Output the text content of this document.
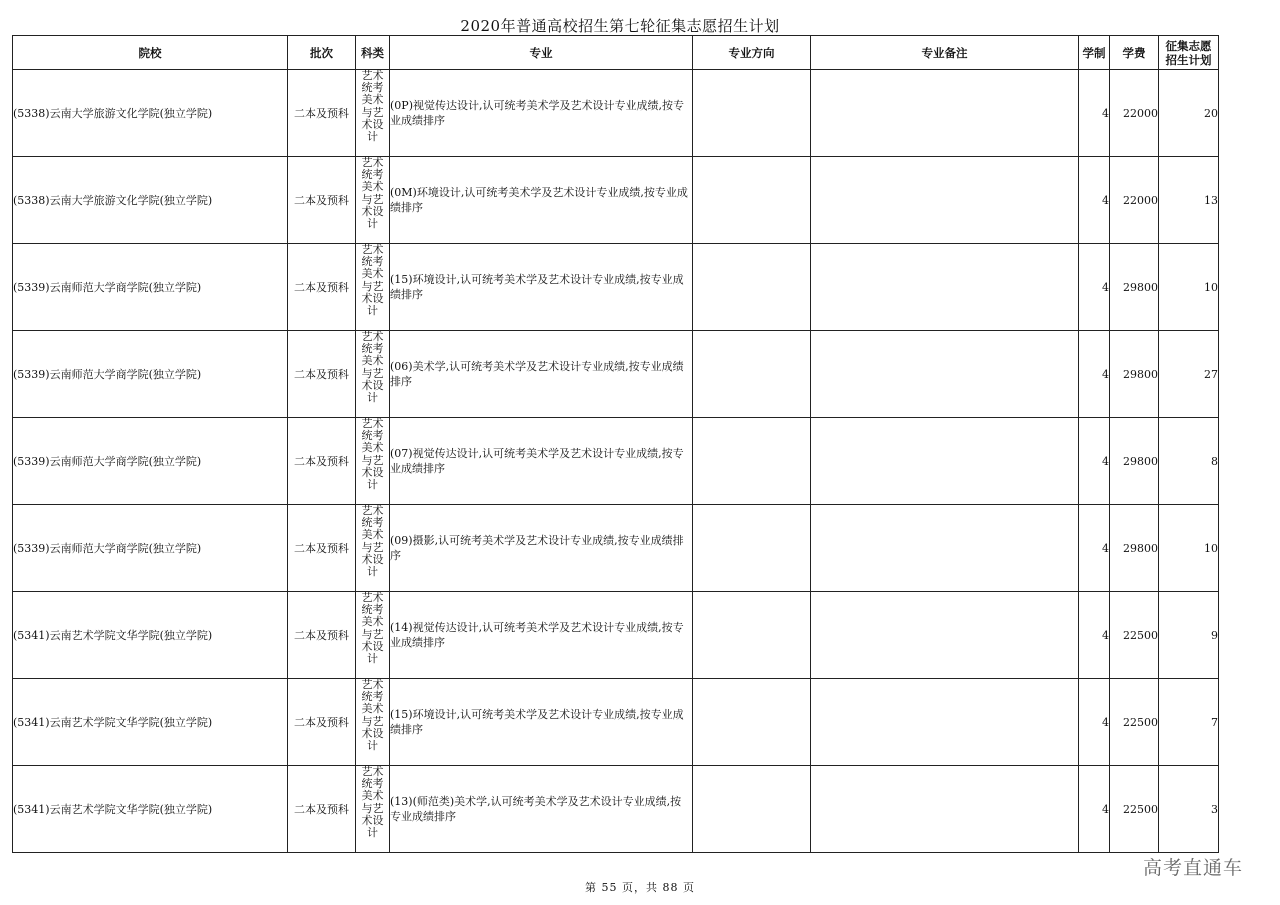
2020年普通高校招生第七轮征集志愿招生计划
院校	批次	科类	专业	专业方向	专业备注	学制	学费	征集志愿
招生计划

(5338)云南大学旅游文化学院(独立学院)	二本及预科	艺术统考美术与艺术设计	(0P)视觉传达设计,认可统考美术学及艺术设计专业成绩,按专业成绩排序			4	22000	20
(5338)云南大学旅游文化学院(独立学院)	二本及预科	艺术统考美术与艺术设计	(0M)环境设计,认可统考美术学及艺术设计专业成绩,按专业成绩排序			4	22000	13
(5339)云南师范大学商学院(独立学院)	二本及预科	艺术统考美术与艺术设计	(15)环境设计,认可统考美术学及艺术设计专业成绩,按专业成绩排序			4	29800	10
(5339)云南师范大学商学院(独立学院)	二本及预科	艺术统考美术与艺术设计	(06)美术学,认可统考美术学及艺术设计专业成绩,按专业成绩排序			4	29800	27
(5339)云南师范大学商学院(独立学院)	二本及预科	艺术统考美术与艺术设计	(07)视觉传达设计,认可统考美术学及艺术设计专业成绩,按专业成绩排序			4	29800	8
(5339)云南师范大学商学院(独立学院)	二本及预科	艺术统考美术与艺术设计	(09)摄影,认可统考美术学及艺术设计专业成绩,按专业成绩排序			4	29800	10
(5341)云南艺术学院文华学院(独立学院)	二本及预科	艺术统考美术与艺术设计	(14)视觉传达设计,认可统考美术学及艺术设计专业成绩,按专业成绩排序			4	22500	9
(5341)云南艺术学院文华学院(独立学院)	二本及预科	艺术统考美术与艺术设计	(15)环境设计,认可统考美术学及艺术设计专业成绩,按专业成绩排序			4	22500	7
(5341)云南艺术学院文华学院(独立学院)	二本及预科	艺术统考美术与艺术设计	(13)(师范类)美术学,认可统考美术学及艺术设计专业成绩,按专业成绩排序			4	22500	3
第 55 页，共 88 页
高考直通车
